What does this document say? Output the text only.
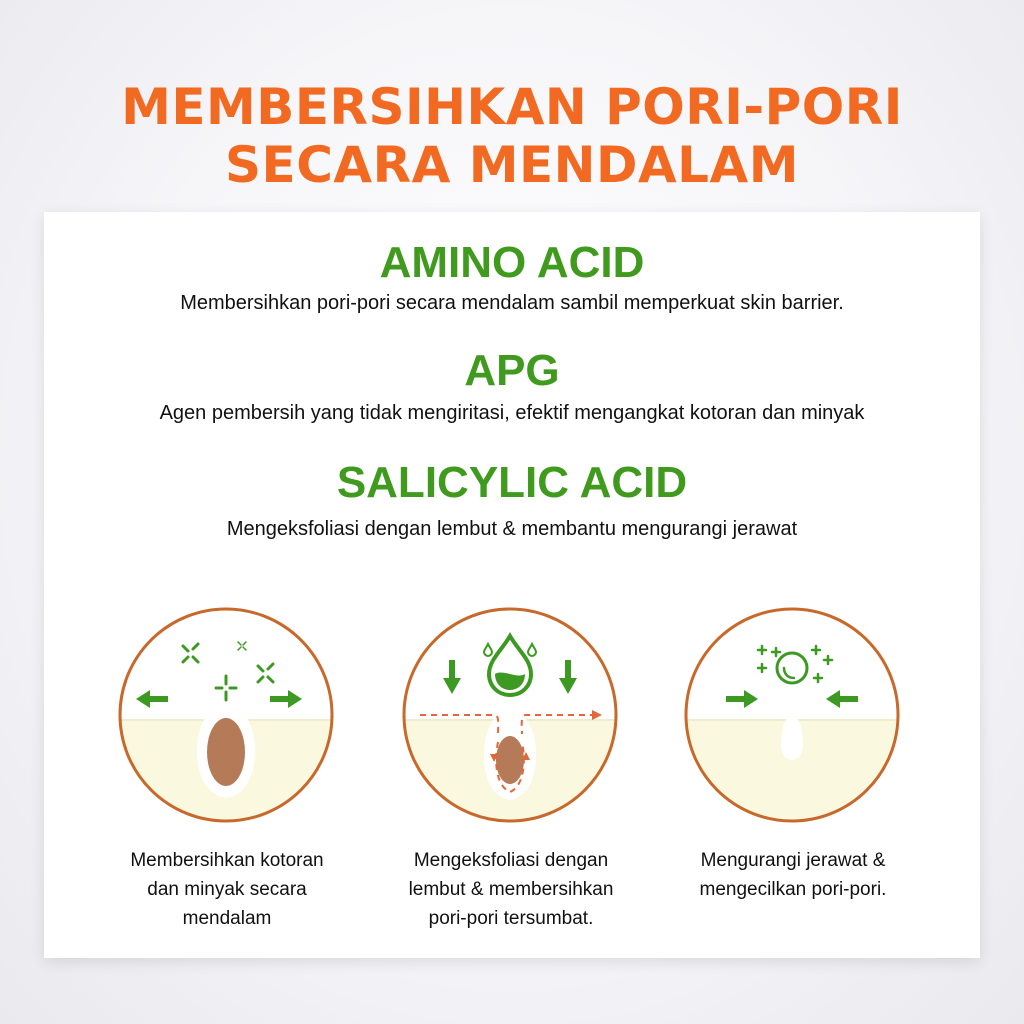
MEMBERSIHKAN PORI-PORI
SECARA MENDALAM
AMINO ACID
Membersihkan pori-pori secara mendalam sambil memperkuat skin barrier.
APG
Agen pembersih yang tidak mengiritasi, efektif mengangkat kotoran dan minyak
SALICYLIC ACID
Mengeksfoliasi dengan lembut & membantu mengurangi jerawat
Membersihkan kotoran
dan minyak secara
mendalam
Mengeksfoliasi dengan
lembut & membersihkan
pori-pori tersumbat.
Mengurangi jerawat &
mengecilkan pori-pori.
